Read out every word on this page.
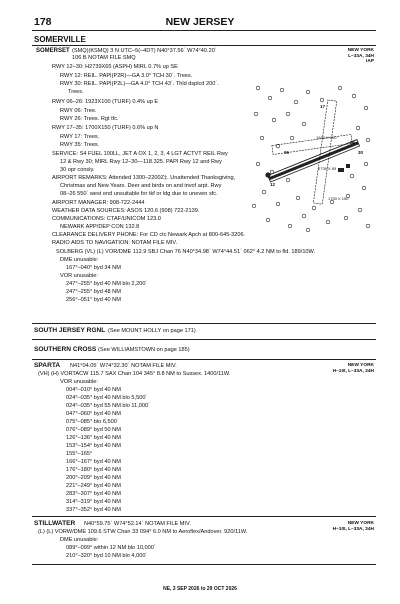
178	NEW JERSEY
SOMERVILLE
SOMERSET (SMQ)(KSMQ) 3 N UTC–5(–4DT) N40°37.56´ W74°40.20´
106 B NOTAM FILE SMQ
NEW YORK
L–33A, 34H
IAP
RWY 12–30: H2739X65 (ASPH) MIRL 0.7% up SE
RWY 12: REIL. PAPI(P2R)—GA 3.0° TCH 30´. Trees.
RWY 30: REIL. PAPI(P2L)—GA 4.0° TCH 43´. Thld dsplcd 200´.
Trees.
RWY 06–26: 1923X100 (TURF) 0.4% up E
RWY 06: Tree.
RWY 26: Trees. Rgt tfc.
RWY 17–35: 1700X150 (TURF) 0.6% up N
RWY 17: Trees.
RWY 35: Trees.
SERVICE: S4 FUEL 100LL, JET A OX 1, 2, 3, 4 LGT ACTVT REIL Rwy
12 & Rwy 30; MIRL Rwy 12–30—118.325. PAPI Rwy 12 and Rwy
30 opr consly.
AIRPORT REMARKS: Attended 1300–2200Z‡. Unattended Thanksgiving,
Christmas and New Years. Deer and birds on and invof arpt. Rwy
08–26 550´ west end unsuitable for tkf or ldg due to uneven sfc.
AIRPORT MANAGER: 908-722-2444
WEATHER DATA SOURCES: ASOS 120.6 (908) 722-2139.
COMMUNICATIONS: CTAF/UNICOM 123.0
NEWARK APP/DEP CON 132.8
CLEARANCE DELIVERY PHONE: For CD ctc Newark Apch at 800-645-3206.
RADIO AIDS TO NAVIGATION: NOTAM FILE MIV.
SOLBERG (VL) (L) VOR/DME 112.9 SBJ Chan 76 N40°34.98´ W74°44.51´ 062° 4.2 NM to fld. 189/10W.
DME unusable:
167°–040° byd 34 NM
VOR unusable:
247°–255° byd 40 NM blo 2,200´
247°–255° byd 48 NM
256°–051° byd 40 NM
1923 X 100
2739 X 65
26
30
12
1700 X 150
06
17
SOUTH JERSEY RGNL (See MOUNT HOLLY on page 171)
SOUTHERN CROSS (See WILLIAMSTOWN on page 185)
SPARTA N41°04.05´ W74°32.30´ NOTAM FILE MIV.	NEW YORK
H–10I, L–33A, 34H
(VH) (H) VORTACW 115.7 SAX Chan 104 345° 8.8 NM to Sussex. 1400/11W.
VOR unusable:
004°–010° byd 40 NM
024°–035° byd 40 NM blo 5,500´
024°–035° byd 55 NM blo 11,000´
047°–060° byd 40 NM
075°–085° blo 6,500´
076°–089° byd 50 NM
126°–136° byd 40 NM
153°–154° byd 40 NM
155°–165°
166°–167° byd 40 NM
176°–180° byd 40 NM
200°–209° byd 40 NM
221°–249° byd 40 NM
283°–307° byd 40 NM
314°–319° byd 40 NM
337°–352° byd 40 NM
STILLWATER N40°59.75´ W74°52.14´ NOTAM FILE MIV.	NEW YORK
H–10I, L–33A, 34H
(L) (L) VORW/DME 109.6 STW Chan 33 094° 6.0 NM to Aeroflex/Andover. 920/11W.
DME unusable:
089°–099° within 12 NM blo 10,000´
210°–320° byd 10 NM blo 4,000´
NE, 3 SEP 2026 to 29 OCT 2026
